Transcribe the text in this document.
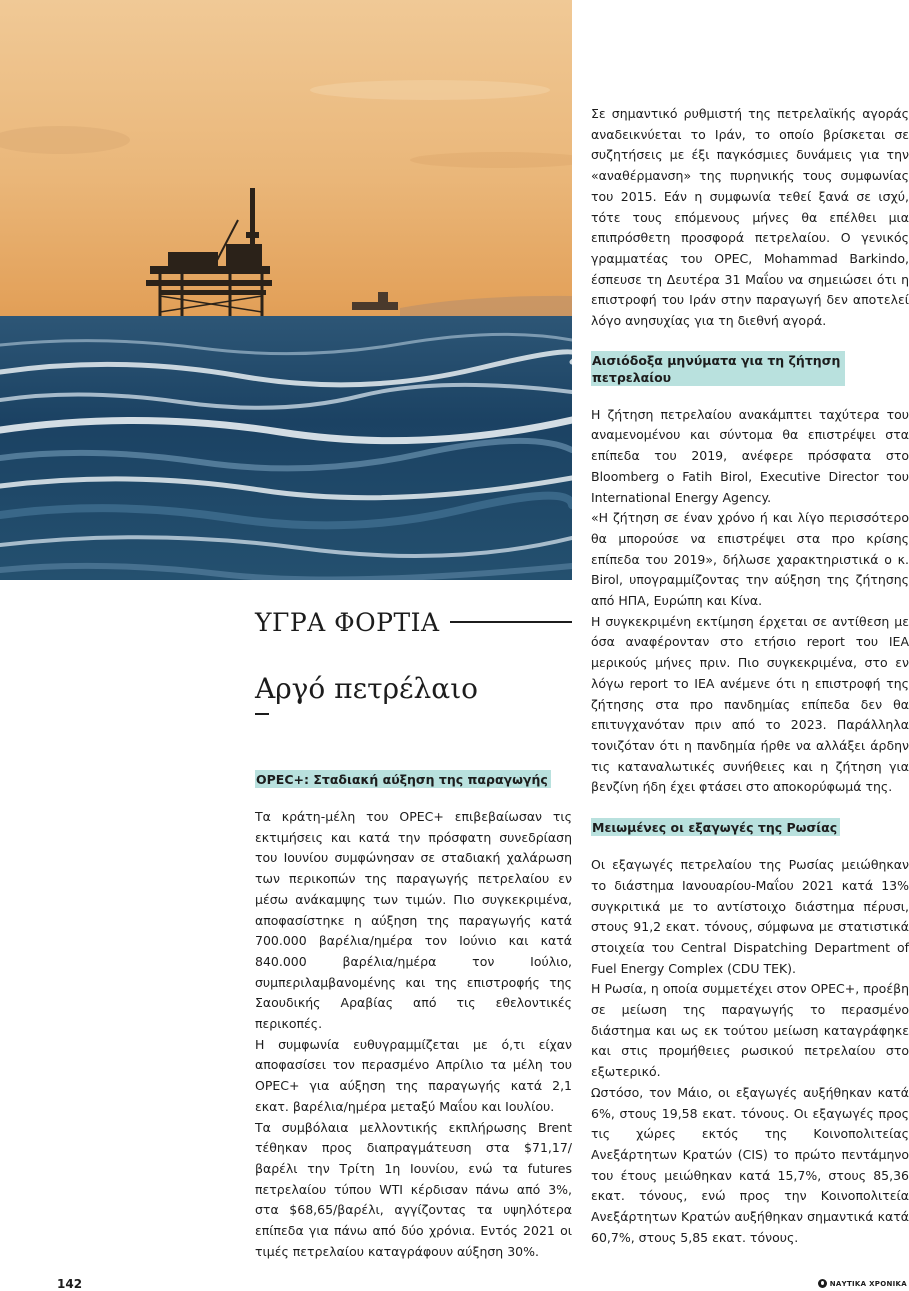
ΥΓΡΑ ΦΟΡΤΙΑ
Αργό πετρέλαιο
OPEC+: Σταδιακή αύξηση της παραγωγής
Τα κράτη-μέλη του OPEC+ επιβεβαίωσαν τις εκτιμήσεις και κατά την πρόσφατη συνεδρίαση του Ιουνίου συμφώνησαν σε σταδιακή χαλάρωση των περικοπών της παραγωγής πετρελαίου εν μέσω ανάκαμψης των τιμών. Πιο συγκεκριμένα, αποφασίστηκε η αύξηση της παραγωγής κατά 700.000 βαρέλια/ημέρα τον Ιούνιο και κατά 840.000 βαρέλια/ημέρα τον Ιούλιο, συμπεριλαμβανομένης και της επιστροφής της Σαουδικής Αραβίας από τις εθελοντικές περικοπές.
Η συμφωνία ευθυγραμμίζεται με ό,τι είχαν αποφασίσει τον περασμένο Απρίλιο τα μέλη του OPEC+ για αύξηση της παραγωγής κατά 2,1 εκατ. βαρέλια/ημέρα μεταξύ Μαΐου και Ιουλίου.
Τα συμβόλαια μελλοντικής εκπλήρωσης Brent τέθηκαν προς διαπραγμάτευση στα $71,17/βαρέλι την Τρίτη 1η Ιουνίου, ενώ τα futures πετρελαίου τύπου WTI κέρδισαν πάνω από 3%, στα $68,65/βαρέλι, αγγίζοντας τα υψηλότερα επίπεδα για πάνω από δύο χρόνια. Εντός 2021 οι τιμές πετρελαίου καταγράφουν αύξηση 30%.
Σε σημαντικό ρυθμιστή της πετρελαϊκής αγοράς αναδεικνύεται το Ιράν, το οποίο βρίσκεται σε συζητήσεις με έξι παγκόσμιες δυνάμεις για την «αναθέρμανση» της πυρηνικής τους συμφωνίας του 2015. Εάν η συμφωνία τεθεί ξανά σε ισχύ, τότε τους επόμενους μήνες θα επέλθει μια επιπρόσθετη προσφορά πετρελαίου. Ο γενικός γραμματέας του OPEC, Mohammad Barkindo, έσπευσε τη Δευτέρα 31 Μαΐου να σημειώσει ότι η επιστροφή του Ιράν στην παραγωγή δεν αποτελεί λόγο ανησυχίας για τη διεθνή αγορά.
Αισιόδοξα μηνύματα για τη ζήτηση πετρελαίου
Η ζήτηση πετρελαίου ανακάμπτει ταχύτερα του αναμενομένου και σύντομα θα επιστρέψει στα επίπεδα του 2019, ανέφερε πρόσφατα στο Bloomberg ο Fatih Birol, Executive Director του International Energy Agency.
«Η ζήτηση σε έναν χρόνο ή και λίγο περισσότερο θα μπορούσε να επιστρέψει στα προ κρίσης επίπεδα του 2019», δήλωσε χαρακτηριστικά ο κ. Birol, υπογραμμίζοντας την αύξηση της ζήτησης από ΗΠΑ, Ευρώπη και Κίνα.
Η συγκεκριμένη εκτίμηση έρχεται σε αντίθεση με όσα αναφέρονταν στο ετήσιο report του IEA μερικούς μήνες πριν. Πιο συγκεκριμένα, στο εν λόγω report το IEA ανέμενε ότι η επιστροφή της ζήτησης στα προ πανδημίας επίπεδα δεν θα επιτυγχανόταν πριν από το 2023. Παράλληλα τονιζόταν ότι η πανδημία ήρθε να αλλάξει άρδην τις καταναλωτικές συνήθειες και η ζήτηση για βενζίνη ήδη έχει φτάσει στο αποκορύφωμά της.
Μειωμένες οι εξαγωγές της Ρωσίας
Οι εξαγωγές πετρελαίου της Ρωσίας μειώθηκαν το διάστημα Ιανουαρίου-Μαΐου 2021 κατά 13% συγκριτικά με το αντίστοιχο διάστημα πέρυσι, στους 91,2 εκατ. τόνους, σύμφωνα με στατιστικά στοιχεία του Central Dispatching Department of Fuel Energy Complex (CDU TEK).
Η Ρωσία, η οποία συμμετέχει στον OPEC+, προέβη σε μείωση της παραγωγής το περασμένο διάστημα και ως εκ τούτου μείωση καταγράφηκε και στις προμήθειες ρωσικού πετρελαίου στο εξωτερικό.
Ωστόσο, τον Μάιο, οι εξαγωγές αυξήθηκαν κατά 6%, στους 19,58 εκατ. τόνους. Οι εξαγωγές προς τις χώρες εκτός της Κοινοπολιτείας Ανεξάρτητων Κρατών (CIS) το πρώτο πεντάμηνο του έτους μειώθηκαν κατά 15,7%, στους 85,36 εκατ. τόνους, ενώ προς την Κοινοπολιτεία Ανεξάρτητων Κρατών αυξήθηκαν σημαντικά κατά 60,7%, στους 5,85 εκατ. τόνους.
142	ΝΑΥΤΙΚΑ ΧΡΟΝΙΚΑ
